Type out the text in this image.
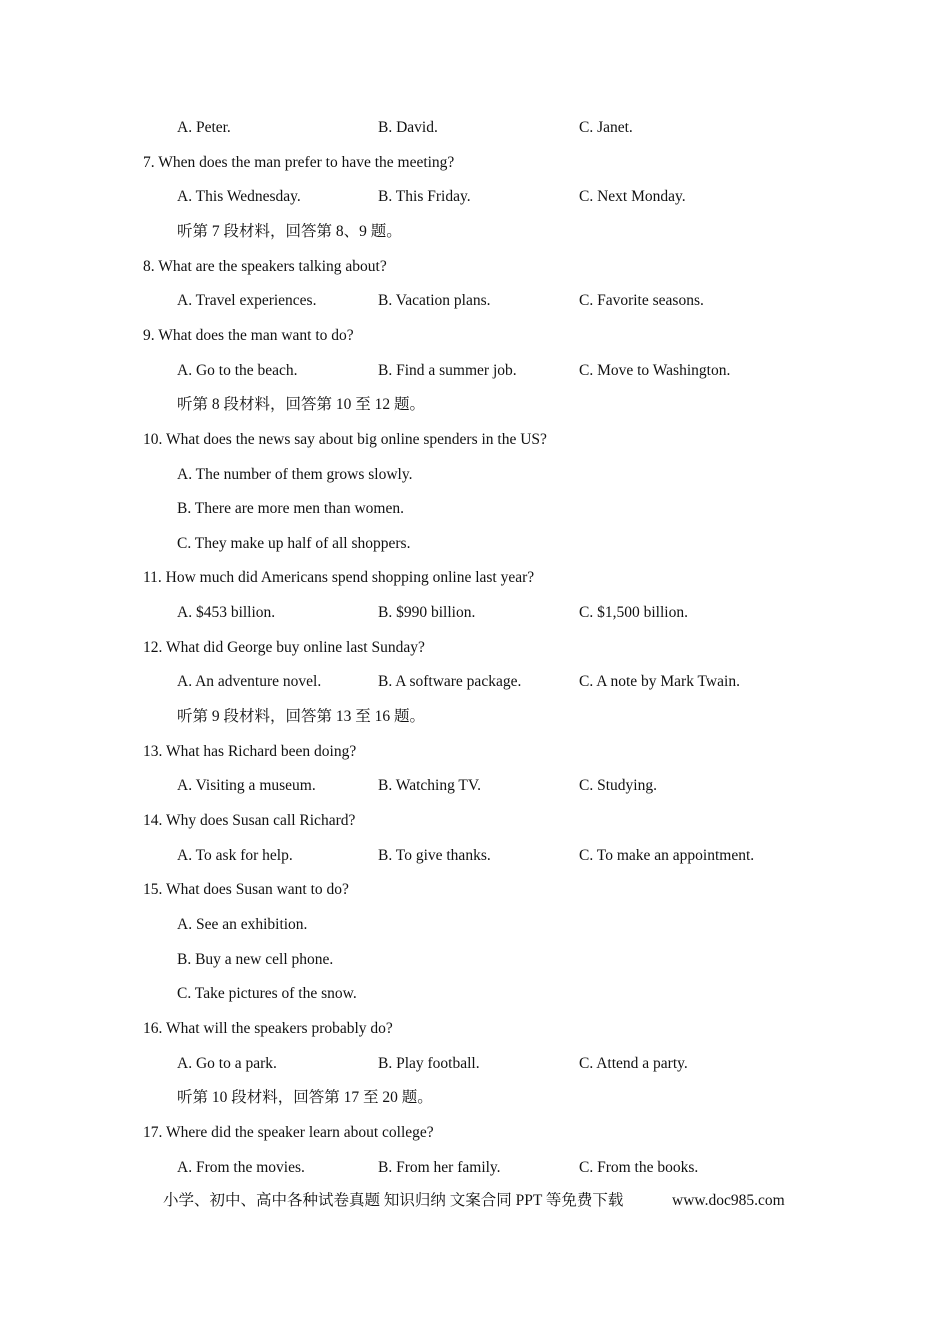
A. Peter.	B. David.	C. Janet.
7. When does the man prefer to have the meeting?
A. This Wednesday.	B. This Friday.	C. Next Monday.
听第 7 段材料，回答第 8、9 题。
8. What are the speakers talking about?
A. Travel experiences.	B. Vacation plans.	C. Favorite seasons.
9. What does the man want to do?
A. Go to the beach.	B. Find a summer job.	C. Move to Washington.
听第 8 段材料，回答第 10 至 12 题。
10. What does the news say about big online spenders in the US?
A. The number of them grows slowly.
B. There are more men than women.
C. They make up half of all shoppers.
11. How much did Americans spend shopping online last year?
A. $453 billion.	B. $990 billion.	C. $1,500 billion.
12. What did George buy online last Sunday?
A. An adventure novel.	B. A software package.	C. A note by Mark Twain.
听第 9 段材料，回答第 13 至 16 题。
13. What has Richard been doing?
A. Visiting a museum.	B. Watching TV.	C. Studying.
14. Why does Susan call Richard?
A. To ask for help.	B. To give thanks.	C. To make an appointment.
15. What does Susan want to do?
A. See an exhibition.
B. Buy a new cell phone.
C. Take pictures of the snow.
16. What will the speakers probably do?
A. Go to a park.	B. Play football.	C. Attend a party.
听第 10 段材料，回答第 17 至 20 题。
17. Where did the speaker learn about college?
A. From the movies.	B. From her family.	C. From the books.
小学、初中、高中各种试卷真题 知识归纳 文案合同 PPT 等免费下载	www.doc985.com
